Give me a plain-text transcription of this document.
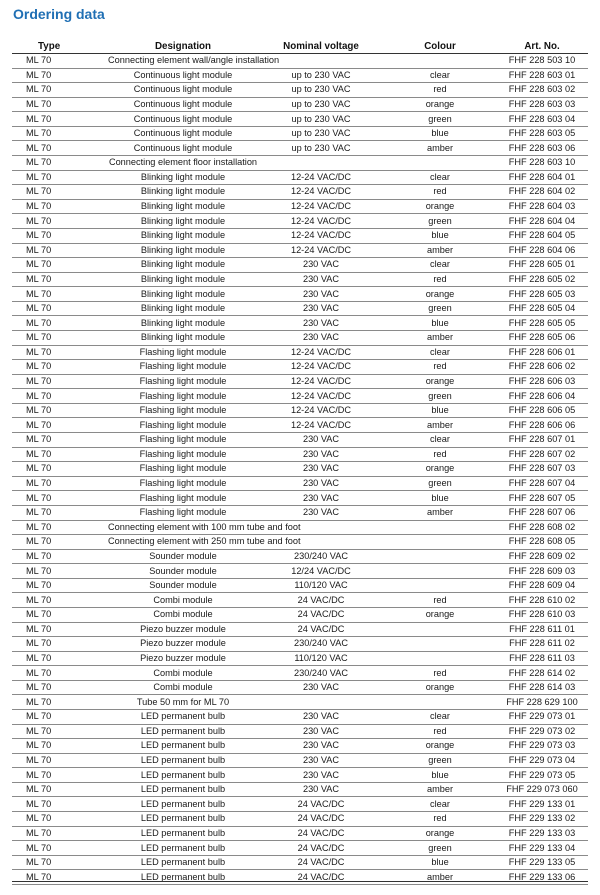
Ordering data
Type	Designation	Nominal voltage	Colour	Art. No.
ML 70	Connecting element wall/angle installation			FHF 228 503 10
ML 70	Continuous light module	up to 230 VAC	clear	FHF 228 603 01
ML 70	Continuous light module	up to 230 VAC	red	FHF 228 603 02
ML 70	Continuous light module	up to 230 VAC	orange	FHF 228 603 03
ML 70	Continuous light module	up to 230 VAC	green	FHF 228 603 04
ML 70	Continuous light module	up to 230 VAC	blue	FHF 228 603 05
ML 70	Continuous light module	up to 230 VAC	amber	FHF 228 603 06
ML 70	Connecting element floor installation			FHF 228 603 10
ML 70	Blinking light module	12-24 VAC/DC	clear	FHF 228 604 01
ML 70	Blinking light module	12-24 VAC/DC	red	FHF 228 604 02
ML 70	Blinking light module	12-24 VAC/DC	orange	FHF 228 604 03
ML 70	Blinking light module	12-24 VAC/DC	green	FHF 228 604 04
ML 70	Blinking light module	12-24 VAC/DC	blue	FHF 228 604 05
ML 70	Blinking light module	12-24 VAC/DC	amber	FHF 228 604 06
ML 70	Blinking light module	230 VAC	clear	FHF 228 605 01
ML 70	Blinking light module	230 VAC	red	FHF 228 605 02
ML 70	Blinking light module	230 VAC	orange	FHF 228 605 03
ML 70	Blinking light module	230 VAC	green	FHF 228 605 04
ML 70	Blinking light module	230 VAC	blue	FHF 228 605 05
ML 70	Blinking light module	230 VAC	amber	FHF 228 605 06
ML 70	Flashing light module	12-24 VAC/DC	clear	FHF 228 606 01
ML 70	Flashing light module	12-24 VAC/DC	red	FHF 228 606 02
ML 70	Flashing light module	12-24 VAC/DC	orange	FHF 228 606 03
ML 70	Flashing light module	12-24 VAC/DC	green	FHF 228 606 04
ML 70	Flashing light module	12-24 VAC/DC	blue	FHF 228 606 05
ML 70	Flashing light module	12-24 VAC/DC	amber	FHF 228 606 06
ML 70	Flashing light module	230 VAC	clear	FHF 228 607 01
ML 70	Flashing light module	230 VAC	red	FHF 228 607 02
ML 70	Flashing light module	230 VAC	orange	FHF 228 607 03
ML 70	Flashing light module	230 VAC	green	FHF 228 607 04
ML 70	Flashing light module	230 VAC	blue	FHF 228 607 05
ML 70	Flashing light module	230 VAC	amber	FHF 228 607 06
ML 70	Connecting element with 100 mm tube and foot			FHF 228 608 02
ML 70	Connecting element with 250 mm tube and foot			FHF 228 608 05
ML 70	Sounder module	230/240 VAC		FHF 228 609 02
ML 70	Sounder module	12/24 VAC/DC		FHF 228 609 03
ML 70	Sounder module	110/120 VAC		FHF 228 609 04
ML 70	Combi module	24 VAC/DC	red	FHF 228 610 02
ML 70	Combi module	24 VAC/DC	orange	FHF 228 610 03
ML 70	Piezo buzzer module	24 VAC/DC		FHF 228 611 01
ML 70	Piezo buzzer module	230/240 VAC		FHF 228 611 02
ML 70	Piezo buzzer module	110/120 VAC		FHF 228 611 03
ML 70	Combi module	230/240 VAC	red	FHF 228 614 02
ML 70	Combi module	230 VAC	orange	FHF 228 614 03
ML 70	Tube 50 mm for ML 70			FHF 228 629 100
ML 70	LED permanent bulb	230 VAC	clear	FHF 229 073 01
ML 70	LED permanent bulb	230 VAC	red	FHF 229 073 02
ML 70	LED permanent bulb	230 VAC	orange	FHF 229 073 03
ML 70	LED permanent bulb	230 VAC	green	FHF 229 073 04
ML 70	LED permanent bulb	230 VAC	blue	FHF 229 073 05
ML 70	LED permanent bulb	230 VAC	amber	FHF 229 073 060
ML 70	LED permanent bulb	24 VAC/DC	clear	FHF 229 133 01
ML 70	LED permanent bulb	24 VAC/DC	red	FHF 229 133 02
ML 70	LED permanent bulb	24 VAC/DC	orange	FHF 229 133 03
ML 70	LED permanent bulb	24 VAC/DC	green	FHF 229 133 04
ML 70	LED permanent bulb	24 VAC/DC	blue	FHF 229 133 05
ML 70	LED permanent bulb	24 VAC/DC	amber	FHF 229 133 06
